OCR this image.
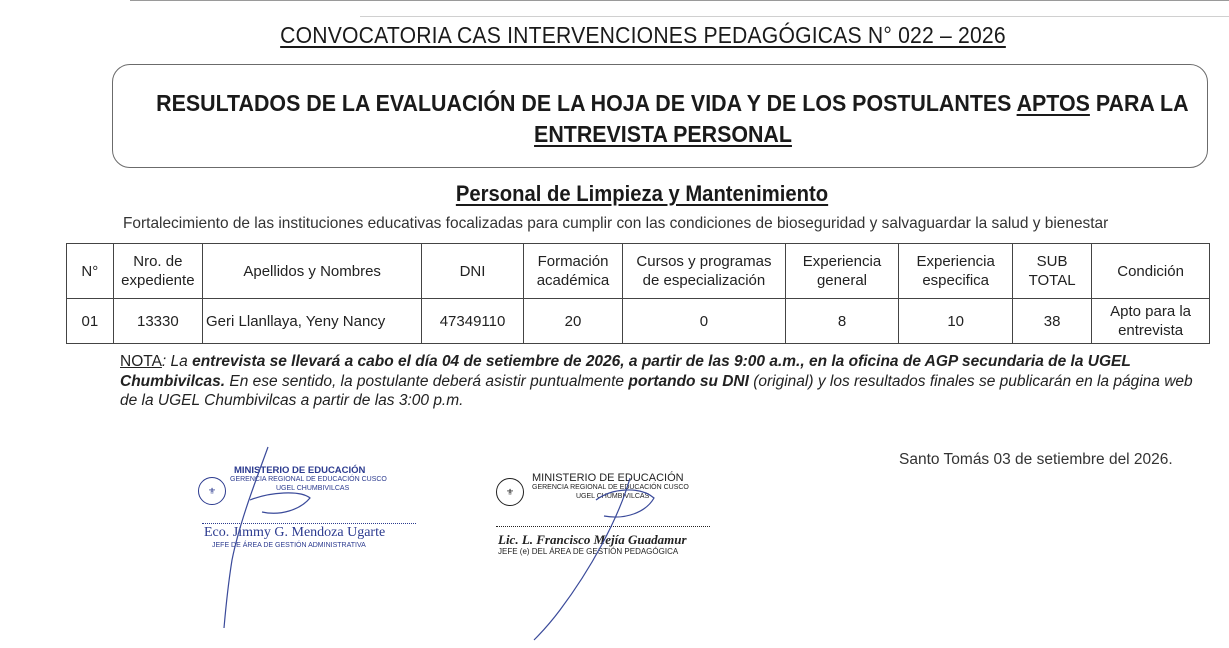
CONVOCATORIA CAS INTERVENCIONES PEDAGÓGICAS N° 022 – 2026
RESULTADOS DE LA EVALUACIÓN DE LA HOJA DE VIDA Y DE LOS POSTULANTES APTOS PARA LA
ENTREVISTA PERSONAL
Personal de Limpieza y Mantenimiento
Fortalecimiento de las instituciones educativas focalizadas para cumplir con las condiciones de bioseguridad y salvaguardar la salud y bienestar
N°	Nro. de expediente	Apellidos y Nombres	DNI	Formación académica	Cursos y programas de especialización	Experiencia general	Experiencia especifica	SUB TOTAL	Condición
01	13330	Geri Llanllaya, Yeny Nancy	47349110	20	0	8	10	38	Apto para la entrevista
NOTA: La entrevista se llevará a cabo el día 04 de setiembre de 2026, a partir de las 9:00 a.m., en la oficina de AGP secundaria de la UGEL Chumbivilcas. En ese sentido, la postulante deberá asistir puntualmente portando su DNI (original) y los resultados finales se publicarán en la página web de la UGEL Chumbivilcas a partir de las 3:00 p.m.
Santo Tomás 03 de setiembre del 2026.
⚜
MINISTERIO DE EDUCACIÓN
GERENCIA REGIONAL DE EDUCACIÓN CUSCO
UGEL CHUMBIVILCAS
Eco. Jimmy G. Mendoza Ugarte
JEFE DE ÁREA DE GESTIÓN ADMINISTRATIVA
⚜
MINISTERIO DE EDUCACIÓN
GERENCIA REGIONAL DE EDUCACIÓN CUSCO
UGEL CHUMBIVILCAS
Lic. L. Francisco Mejía Guadamur
JEFE (e) DEL ÁREA DE GESTIÓN PEDAGÓGICA
